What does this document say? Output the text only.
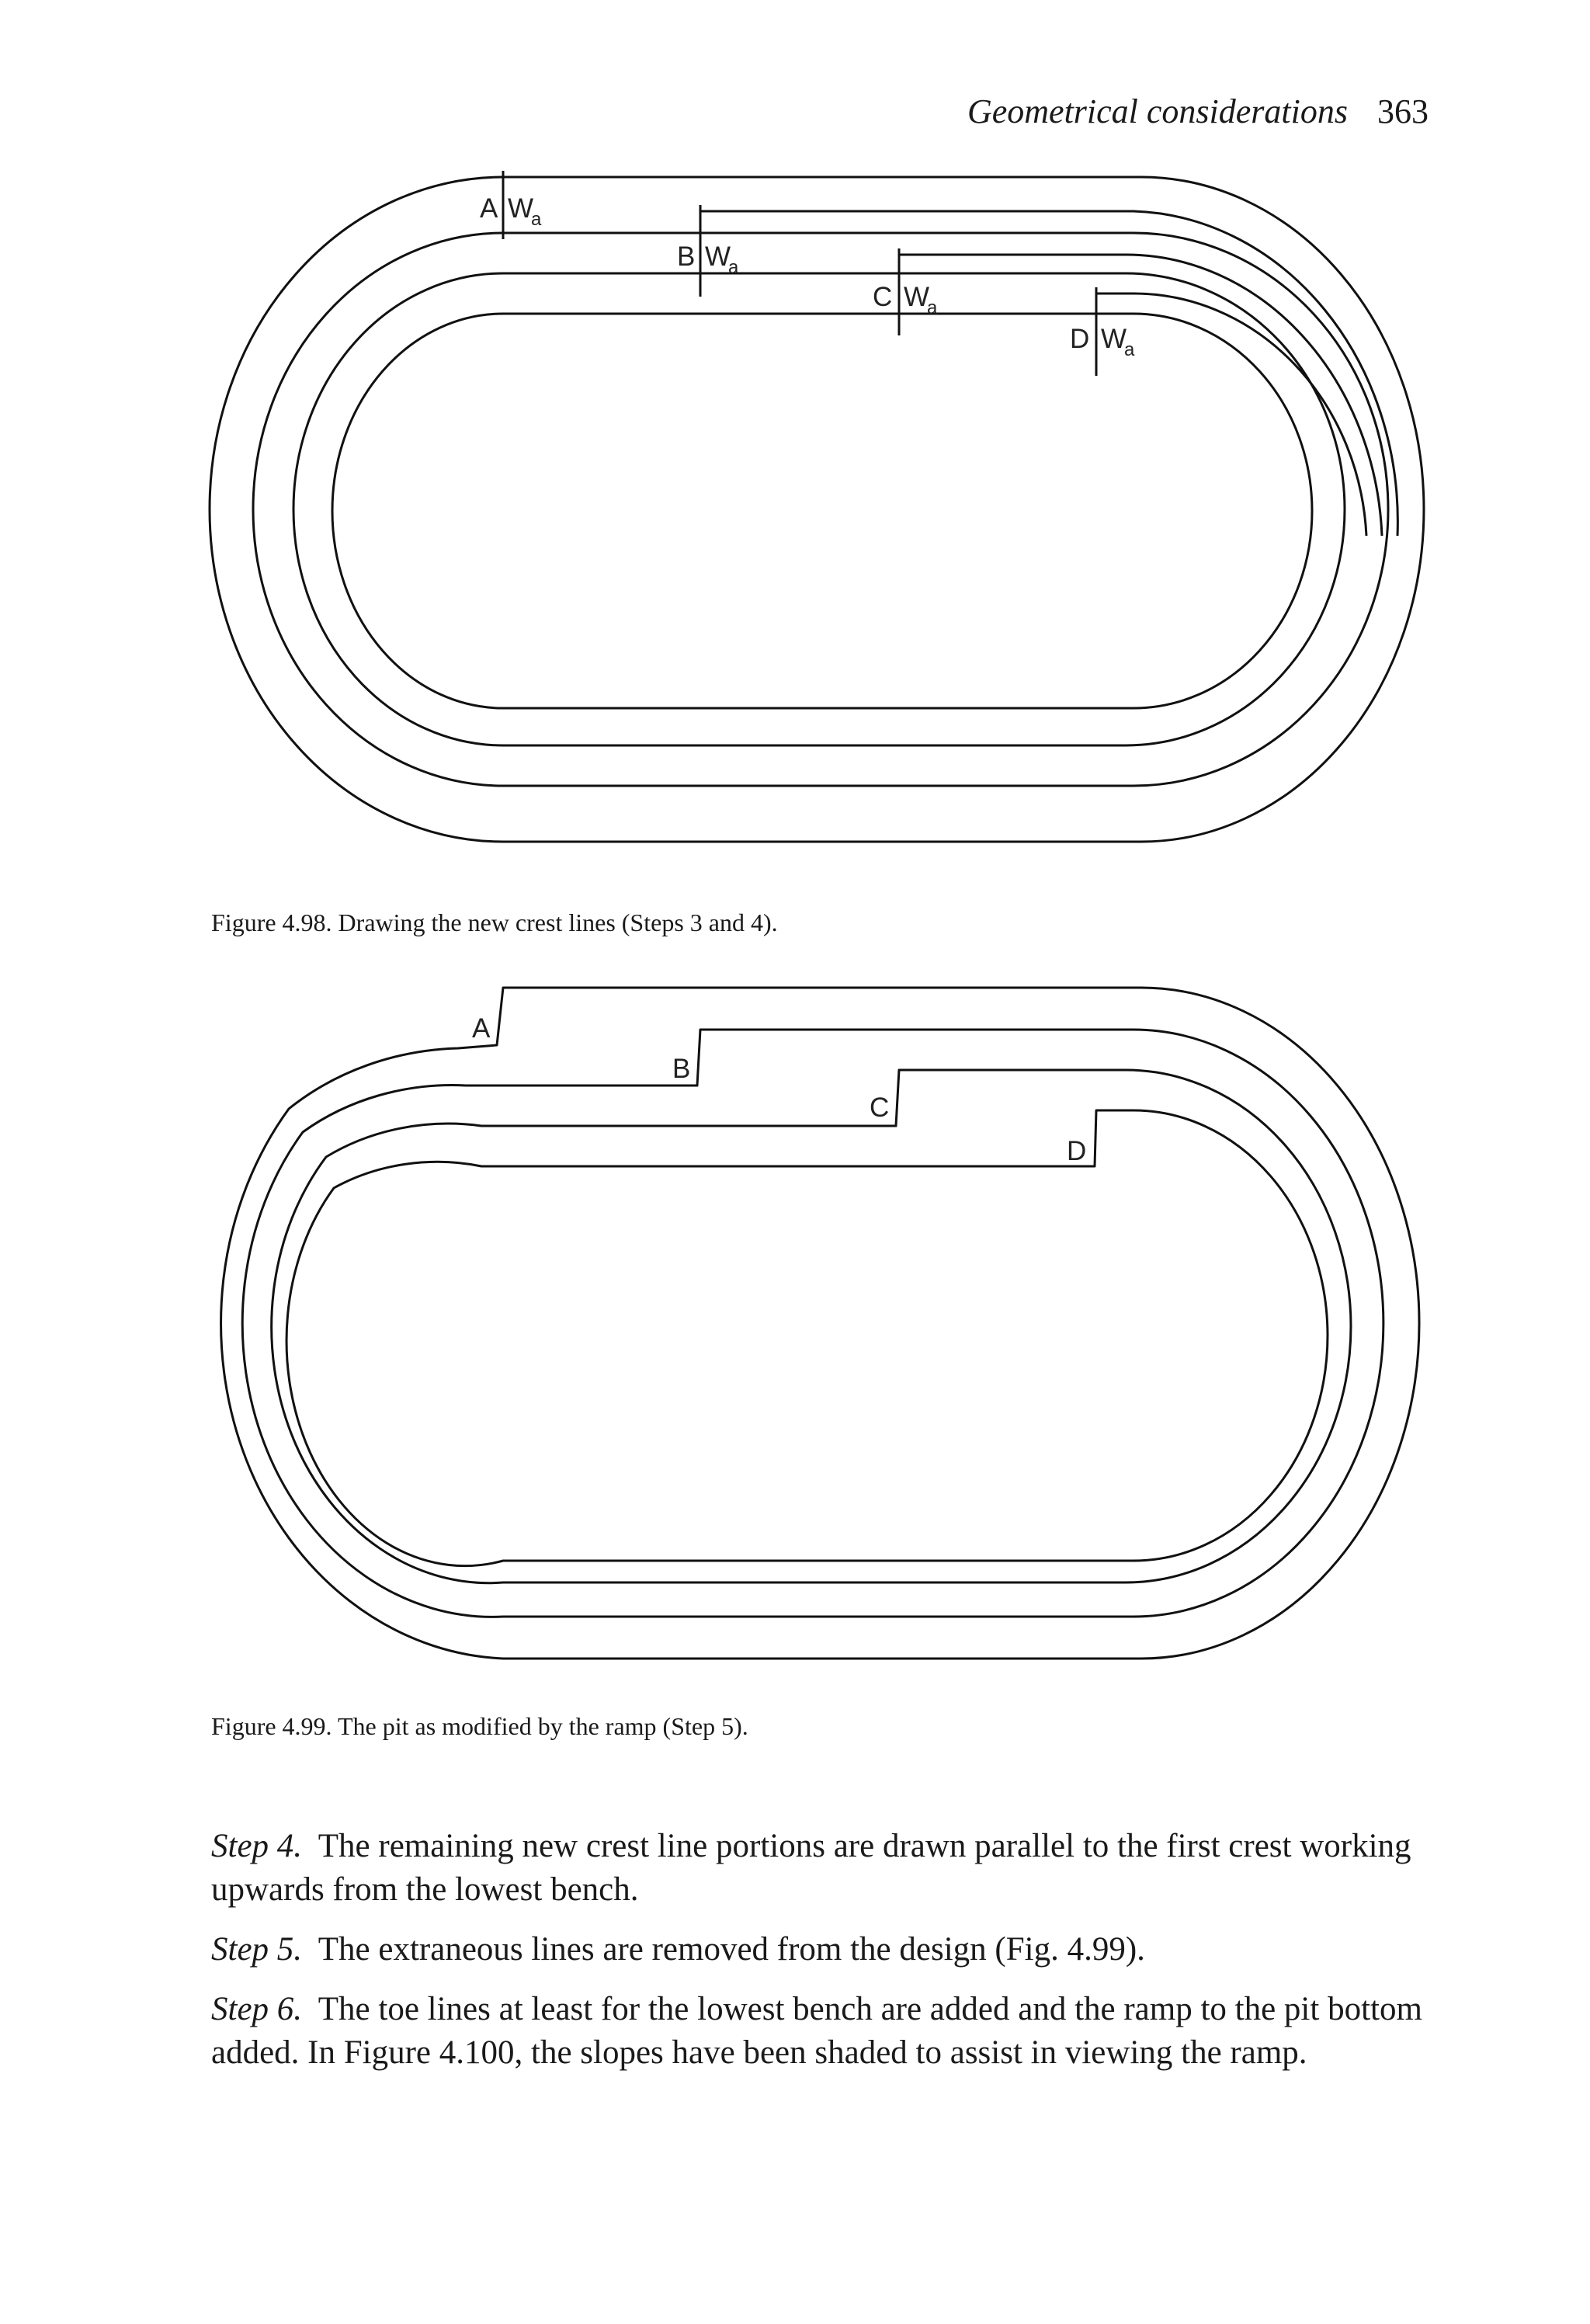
Geometrical considerations 363
A W
a
B W
a
C W
a
D W
a
Figure 4.98. Drawing the new crest lines (Steps 3 and 4).
A
B
C
D
Figure 4.99. The pit as modified by the ramp (Step 5).
Step 4. The remaining new crest line portions are drawn parallel to the first crest working upwards from the lowest bench.
Step 5. The extraneous lines are removed from the design (Fig. 4.99).
Step 6. The toe lines at least for the lowest bench are added and the ramp to the pit bottom added. In Figure 4.100, the slopes have been shaded to assist in viewing the ramp.
